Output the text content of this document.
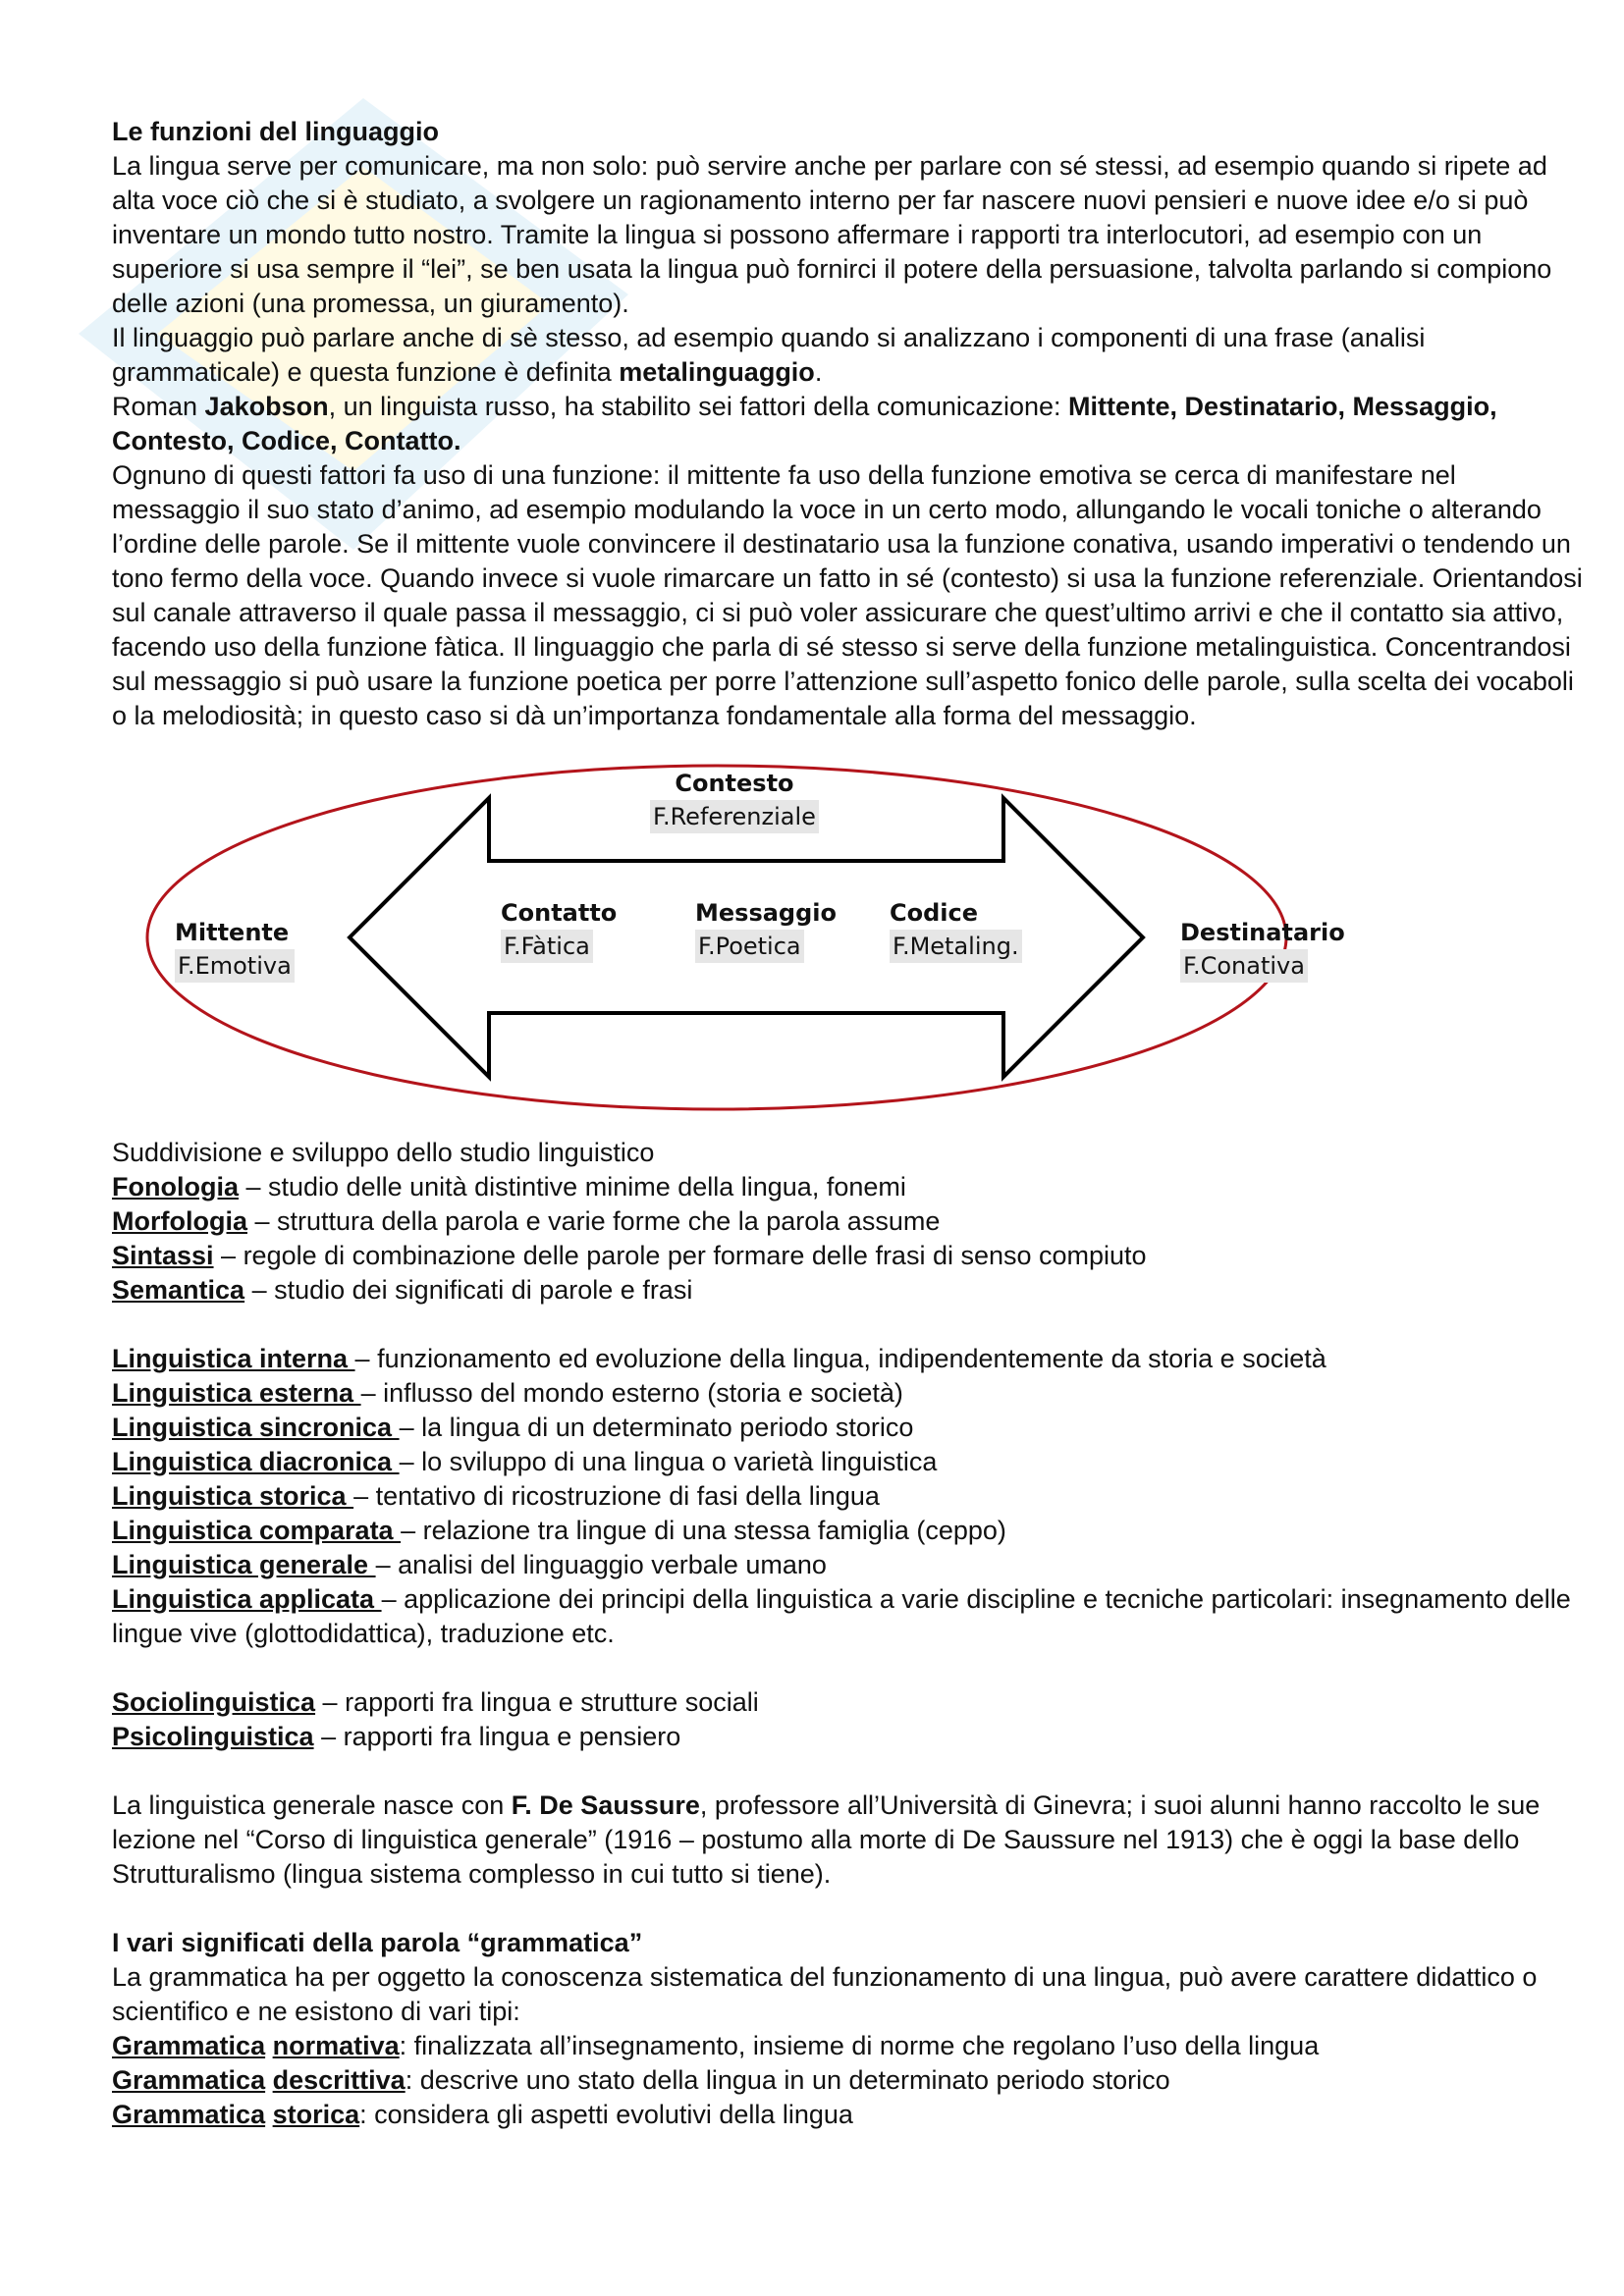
Le funzioni del linguaggio

La lingua serve per comunicare, ma non solo: può servire anche per parlare con sé stessi, ad esempio quando si ripete ad alta voce ciò che si è studiato, a svolgere un ragionamento interno per far nascere nuovi pensieri e nuove idee e/o si può inventare un mondo tutto nostro. Tramite la lingua si possono affermare i rapporti tra interlocutori, ad esempio con un superiore si usa sempre il “lei”, se ben usata la lingua può fornirci il potere della persuasione, talvolta parlando si compiono delle azioni (una promessa, un giuramento).

Il linguaggio può parlare anche di sè stesso, ad esempio quando si analizzano i componenti di una frase (analisi grammaticale) e questa funzione è definita metalinguaggio.

Roman Jakobson, un linguista russo, ha stabilito sei fattori della comunicazione: Mittente, Destinatario, Messaggio, Contesto, Codice, Contatto.

Ognuno di questi fattori fa uso di una funzione: il mittente fa uso della funzione emotiva se cerca di manifestare nel messaggio il suo stato d’animo, ad esempio modulando la voce in un certo modo, allungando le vocali toniche o alterando l’ordine delle parole. Se il mittente vuole convincere il destinatario usa la funzione conativa, usando imperativi o tendendo un tono fermo della voce. Quando invece si vuole rimarcare un fatto in sé (contesto) si usa la funzione referenziale. Orientandosi sul canale attraverso il quale passa il messaggio, ci si può voler assicurare che quest’ultimo arrivi e che il contatto sia attivo, facendo uso della funzione fàtica. Il linguaggio che parla di sé stesso si serve della funzione metalinguistica. Concentrandosi sul messaggio si può usare la funzione poetica per porre l’attenzione sull’aspetto fonico delle parole, sulla scelta dei vocaboli o la melodiosità; in questo caso si dà un’importanza fondamentale alla forma del messaggio.

Contesto
F.Referenziale
Mittente
F.Emotiva
Contatto
F.Fàtica
Messaggio
F.Poetica
Codice
F.Metaling.	Destinatario
F.Conativa

Suddivisione e sviluppo dello studio linguistico

Fonologia – studio delle unità distintive minime della lingua, fonemi

Morfologia – struttura della parola e varie forme che la parola assume

Sintassi – regole di combinazione delle parole per formare delle frasi di senso compiuto

Semantica – studio dei significati di parole e frasi

Linguistica interna – funzionamento ed evoluzione della lingua, indipendentemente da storia e società

Linguistica esterna – influsso del mondo esterno (storia e società)

Linguistica sincronica – la lingua di un determinato periodo storico

Linguistica diacronica – lo sviluppo di una lingua o varietà linguistica

Linguistica storica – tentativo di ricostruzione di fasi della lingua

Linguistica comparata – relazione tra lingue di una stessa famiglia (ceppo)

Linguistica generale – analisi del linguaggio verbale umano

Linguistica applicata – applicazione dei principi della linguistica a varie discipline e tecniche particolari: insegnamento delle lingue vive (glottodidattica), traduzione etc.

Sociolinguistica – rapporti fra lingua e strutture sociali

Psicolinguistica – rapporti fra lingua e pensiero

La linguistica generale nasce con F. De Saussure, professore all’Università di Ginevra; i suoi alunni hanno raccolto le sue lezione nel “Corso di linguistica generale” (1916 – postumo alla morte di De Saussure nel 1913) che è oggi la base dello Strutturalismo (lingua sistema complesso in cui tutto si tiene).

I vari significati della parola “grammatica”

La grammatica ha per oggetto la conoscenza sistematica del funzionamento di una lingua, può avere carattere didattico o scientifico e ne esistono di vari tipi:

Grammatica normativa: finalizzata all’insegnamento, insieme di norme che regolano l’uso della lingua

Grammatica descrittiva: descrive uno stato della lingua in un determinato periodo storico

Grammatica storica: considera gli aspetti evolutivi della lingua
